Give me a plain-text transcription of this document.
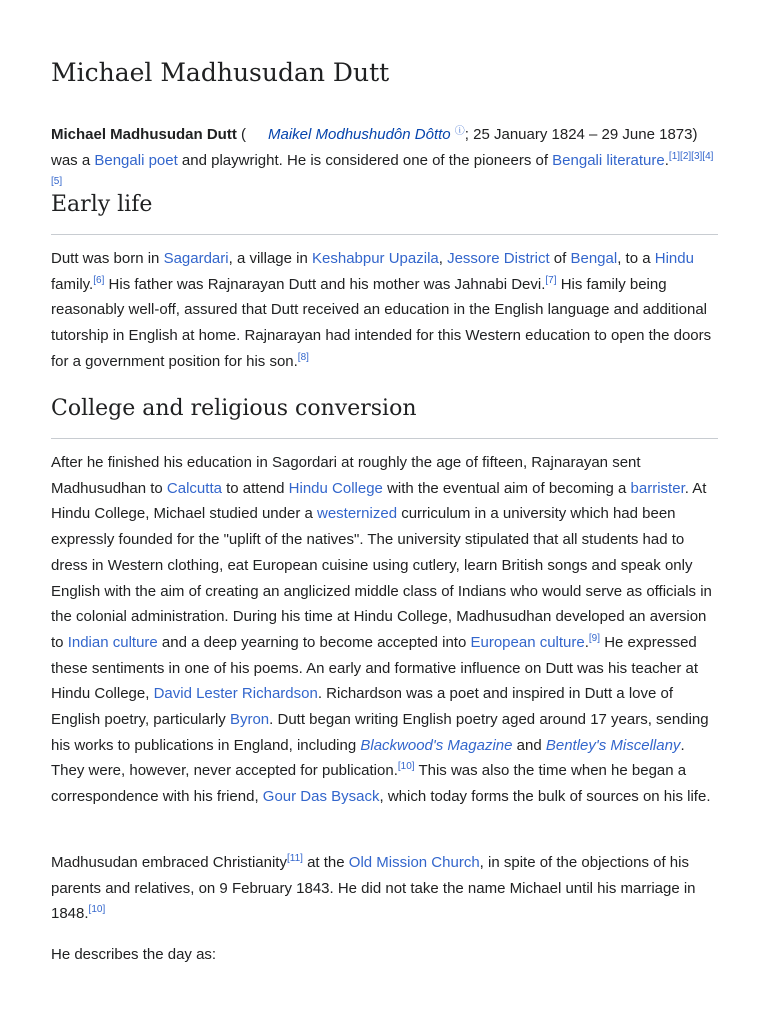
Michael Madhusudan Dutt

Michael Madhusudan Dutt ( Maikel Modhushudôn Dôtto ⓘ; 25 January 1824 – 29 June 1873) was a Bengali poet and playwright. He is considered one of the pioneers of Bengali literature.[1][2][3][4][5]

Early life

Dutt was born in Sagardari, a village in Keshabpur Upazila, Jessore District of Bengal, to a Hindu family.[6] His father was Rajnarayan Dutt and his mother was Jahnabi Devi.[7] His family being reasonably well-off, assured that Dutt received an education in the English language and additional tutorship in English at home. Rajnarayan had intended for this Western education to open the doors for a government position for his son.[8]

College and religious conversion

After he finished his education in Sagordari at roughly the age of fifteen, Rajnarayan sent Madhusudhan to Calcutta to attend Hindu College with the eventual aim of becoming a barrister. At Hindu College, Michael studied under a westernized curriculum in a university which had been expressly founded for the "uplift of the natives". The university stipulated that all students had to dress in Western clothing, eat European cuisine using cutlery, learn British songs and speak only English with the aim of creating an anglicized middle class of Indians who would serve as officials in the colonial administration. During his time at Hindu College, Madhusudhan developed an aversion to Indian culture and a deep yearning to become accepted into European culture.[9] He expressed these sentiments in one of his poems. An early and formative influence on Dutt was his teacher at Hindu College, David Lester Richardson. Richardson was a poet and inspired in Dutt a love of English poetry, particularly Byron. Dutt began writing English poetry aged around 17 years, sending his works to publications in England, including Blackwood's Magazine and Bentley's Miscellany. They were, however, never accepted for publication.[10] This was also the time when he began a correspondence with his friend, Gour Das Bysack, which today forms the bulk of sources on his life.

Madhusudan embraced Christianity[11] at the Old Mission Church, in spite of the objections of his parents and relatives, on 9 February 1843. He did not take the name Michael until his marriage in 1848.[10]

He describes the day as:
